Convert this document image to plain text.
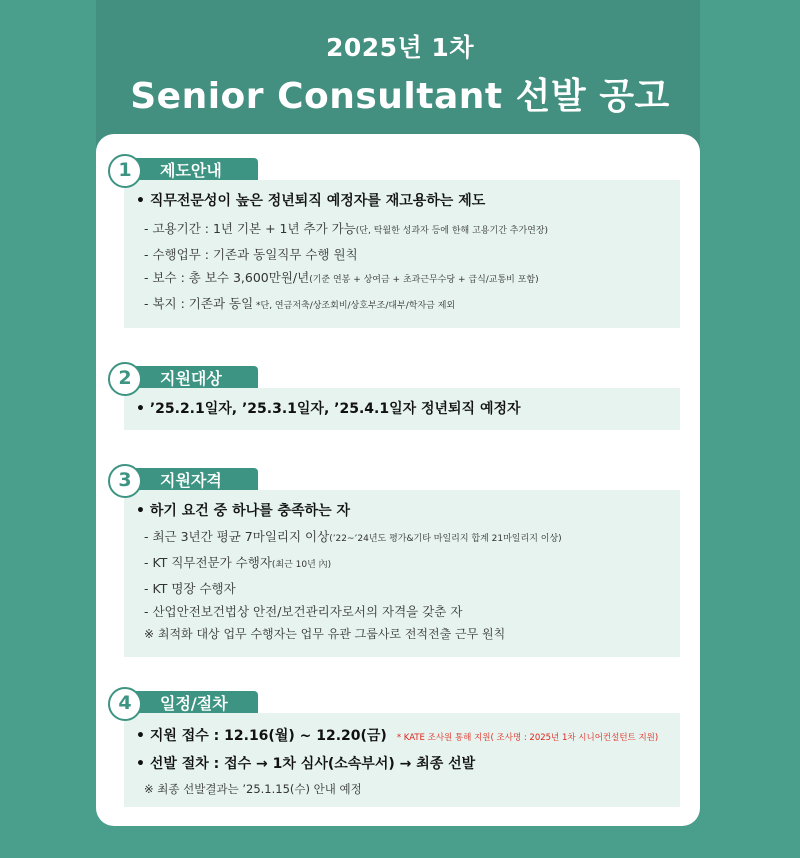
2025년 1차
Senior Consultant 선발 공고
1	제도안내
• 직무전문성이 높은 정년퇴직 예정자를 재고용하는 제도
- 고용기간 : 1년 기본 + 1년 추가 가능(단, 탁월한 성과자 등에 한해 고용기간 추가연장)
- 수행업무 : 기존과 동일직무 수행 원칙
- 보수 : 총 보수 3,600만원/년(기준 연봉 + 상여금 + 초과근무수당 + 급식/교통비 포함)
- 복지 : 기존과 동일 *단, 연금저축/상조회비/상호부조/대부/학자금 제외
2	지원대상
• ’25.2.1일자, ’25.3.1일자, ’25.4.1일자 정년퇴직 예정자
3	지원자격
• 하기 요건 중 하나를 충족하는 자
- 최근 3년간 평균 7마일리지 이상(’22~’24년도 평가&기타 마일리지 합계 21마일리지 이상)
- KT 직무전문가 수행자(최근 10년 內)
- KT 명장 수행자
- 산업안전보건법상 안전/보건관리자로서의 자격을 갖춘 자
※ 최적화 대상 업무 수행자는 업무 유관 그룹사로 전적전출 근무 원칙
4	일정/절차
• 지원 접수 : 12.16(월) ~ 12.20(금) * KATE 조사원 통해 지원( 조사명 : 2025년 1차 시니어컨설턴트 지원)
• 선발 절차 : 접수 → 1차 심사(소속부서) → 최종 선발
※ 최종 선발결과는 ’25.1.15(수) 안내 예정
